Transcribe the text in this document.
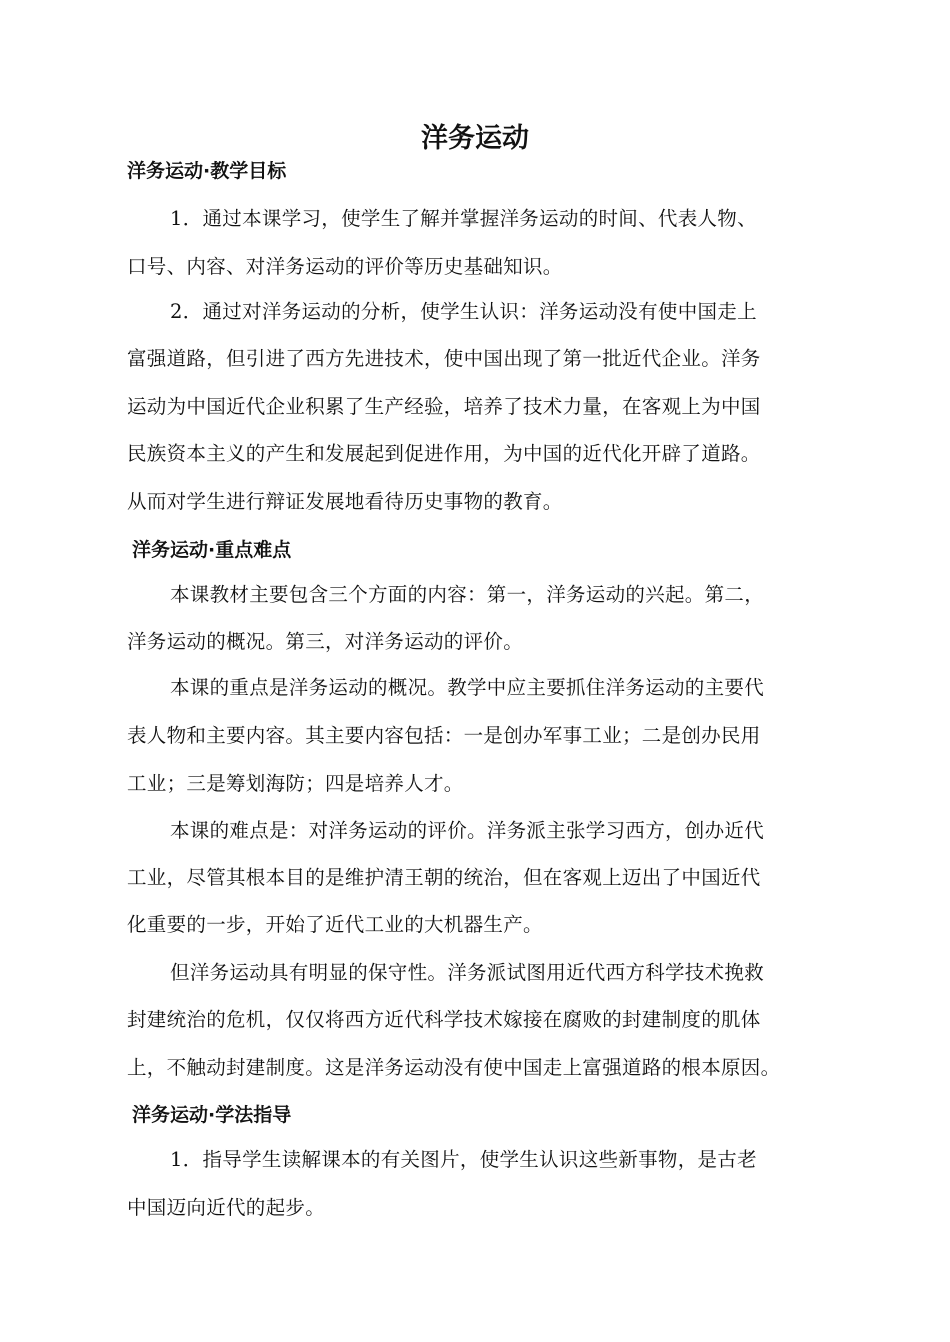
洋务运动
洋务运动·教学目标
1．通过本课学习，使学生了解并掌握洋务运动的时间、代表人物、
口号、内容、对洋务运动的评价等历史基础知识。
2．通过对洋务运动的分析，使学生认识：洋务运动没有使中国走上
富强道路，但引进了西方先进技术，使中国出现了第一批近代企业。洋务
运动为中国近代企业积累了生产经验，培养了技术力量，在客观上为中国
民族资本主义的产生和发展起到促进作用，为中国的近代化开辟了道路。
从而对学生进行辩证发展地看待历史事物的教育。
洋务运动·重点难点
本课教材主要包含三个方面的内容：第一，洋务运动的兴起。第二，
洋务运动的概况。第三，对洋务运动的评价。
本课的重点是洋务运动的概况。教学中应主要抓住洋务运动的主要代
表人物和主要内容。其主要内容包括：一是创办军事工业；二是创办民用
工业；三是筹划海防；四是培养人才。
本课的难点是：对洋务运动的评价。洋务派主张学习西方，创办近代
工业，尽管其根本目的是维护清王朝的统治，但在客观上迈出了中国近代
化重要的一步，开始了近代工业的大机器生产。
但洋务运动具有明显的保守性。洋务派试图用近代西方科学技术挽救
封建统治的危机，仅仅将西方近代科学技术嫁接在腐败的封建制度的肌体
上，不触动封建制度。这是洋务运动没有使中国走上富强道路的根本原因。
洋务运动·学法指导
1．指导学生读解课本的有关图片，使学生认识这些新事物，是古老
中国迈向近代的起步。
